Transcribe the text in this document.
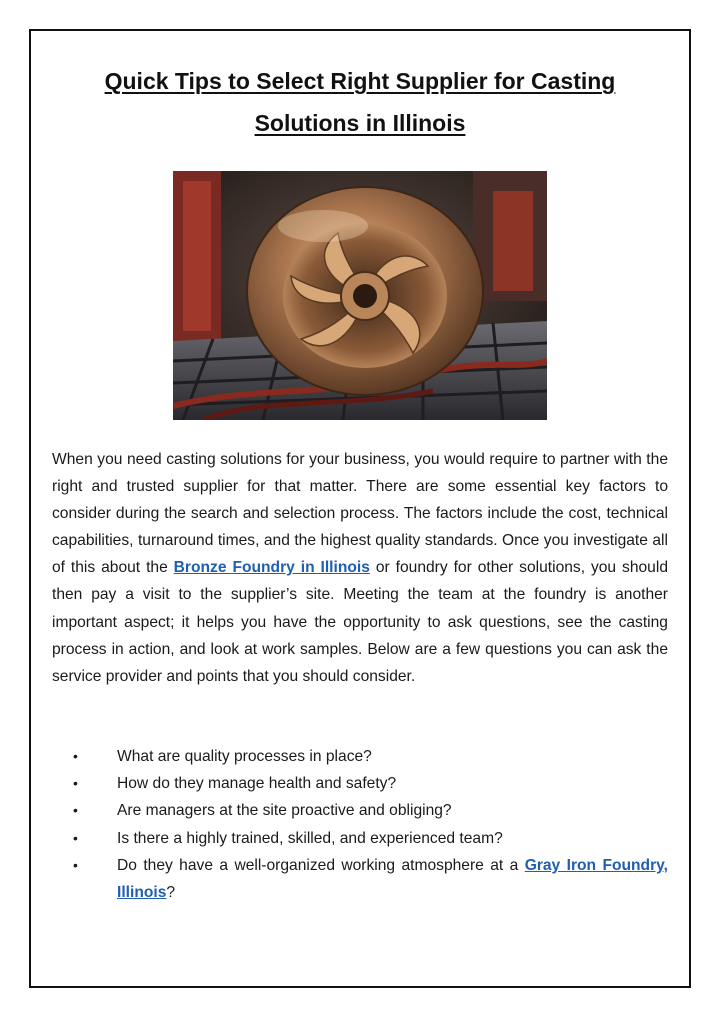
Quick Tips to Select Right Supplier for Casting
Solutions in Illinois
When you need casting solutions for your business, you would require to partner with the right and trusted supplier for that matter. There are some essential key factors to consider during the search and selection process. The factors include the cost, technical capabilities, turnaround times, and the highest quality standards. Once you investigate all of this about the Bronze Foundry in Illinois or foundry for other solutions, you should then pay a visit to the supplier’s site. Meeting the team at the foundry is another important aspect; it helps you have the opportunity to ask questions, see the casting process in action, and look at work samples. Below are a few questions you can ask the service provider and points that you should consider.
•	What are quality processes in place?
•	How do they manage health and safety?
•	Are managers at the site proactive and obliging?
•	Is there a highly trained, skilled, and experienced team?
•	Do they have a well-organized working atmosphere at a Gray Iron Foundry, Illinois?
